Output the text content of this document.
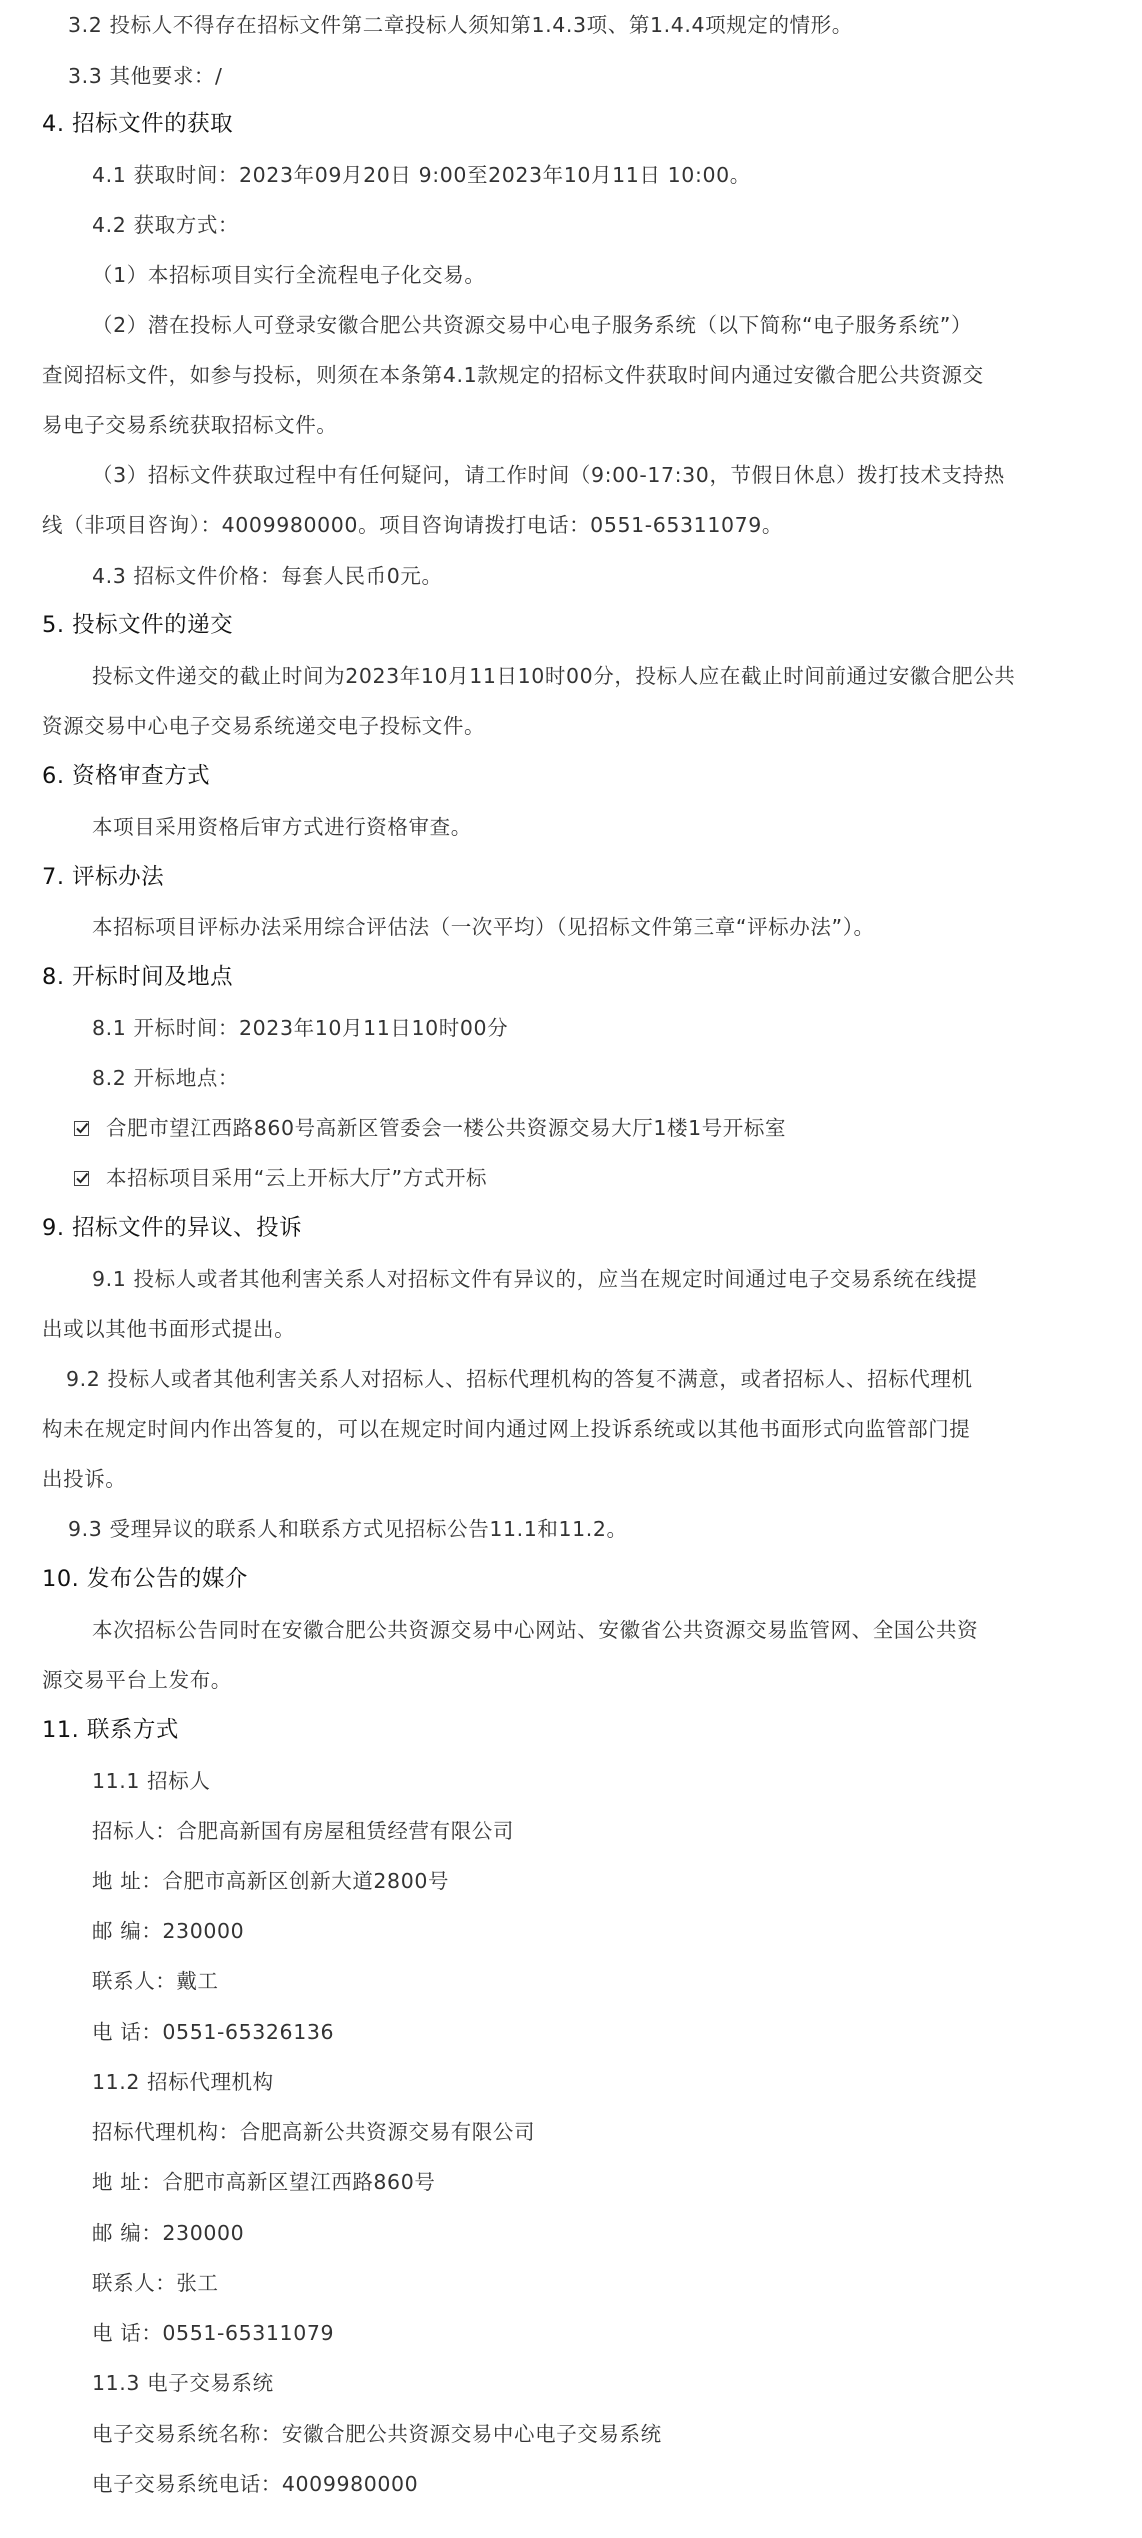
3.2 投标人不得存在招标文件第二章投标人须知第1.4.3项、第1.4.4项规定的情形。
3.3 其他要求：/
4. 招标文件的获取
4.1 获取时间：2023年09月20日 9:00至2023年10月11日 10:00。
4.2 获取方式：
（1）本招标项目实行全流程电子化交易。
（2）潜在投标人可登录安徽合肥公共资源交易中心电子服务系统（以下简称“电子服务系统”）
查阅招标文件，如参与投标，则须在本条第4.1款规定的招标文件获取时间内通过安徽合肥公共资源交
易电子交易系统获取招标文件。
（3）招标文件获取过程中有任何疑问，请工作时间（9:00-17:30，节假日休息）拨打技术支持热
线（非项目咨询）：4009980000。项目咨询请拨打电话：0551-65311079。
4.3 招标文件价格：每套人民币0元。
5. 投标文件的递交
投标文件递交的截止时间为2023年10月11日10时00分，投标人应在截止时间前通过安徽合肥公共
资源交易中心电子交易系统递交电子投标文件。
6. 资格审查方式
本项目采用资格后审方式进行资格审查。
7. 评标办法
本招标项目评标办法采用综合评估法（一次平均）（见招标文件第三章“评标办法”）。
8. 开标时间及地点
8.1 开标时间：2023年10月11日10时00分
8.2 开标地点：
合肥市望江西路860号高新区管委会一楼公共资源交易大厅1楼1号开标室
本招标项目采用“云上开标大厅”方式开标
9. 招标文件的异议、投诉
9.1 投标人或者其他利害关系人对招标文件有异议的，应当在规定时间通过电子交易系统在线提
出或以其他书面形式提出。
9.2 投标人或者其他利害关系人对招标人、招标代理机构的答复不满意，或者招标人、招标代理机
构未在规定时间内作出答复的，可以在规定时间内通过网上投诉系统或以其他书面形式向监管部门提
出投诉。
9.3 受理异议的联系人和联系方式见招标公告11.1和11.2。
10. 发布公告的媒介
本次招标公告同时在安徽合肥公共资源交易中心网站、安徽省公共资源交易监管网、全国公共资
源交易平台上发布。
11. 联系方式
11.1 招标人
招标人：合肥高新国有房屋租赁经营有限公司
地 址：合肥市高新区创新大道2800号
邮 编：230000
联系人：戴工
电 话：0551-65326136
11.2 招标代理机构
招标代理机构：合肥高新公共资源交易有限公司
地 址：合肥市高新区望江西路860号
邮 编：230000
联系人：张工
电 话：0551-65311079
11.3 电子交易系统
电子交易系统名称：安徽合肥公共资源交易中心电子交易系统
电子交易系统电话：4009980000
